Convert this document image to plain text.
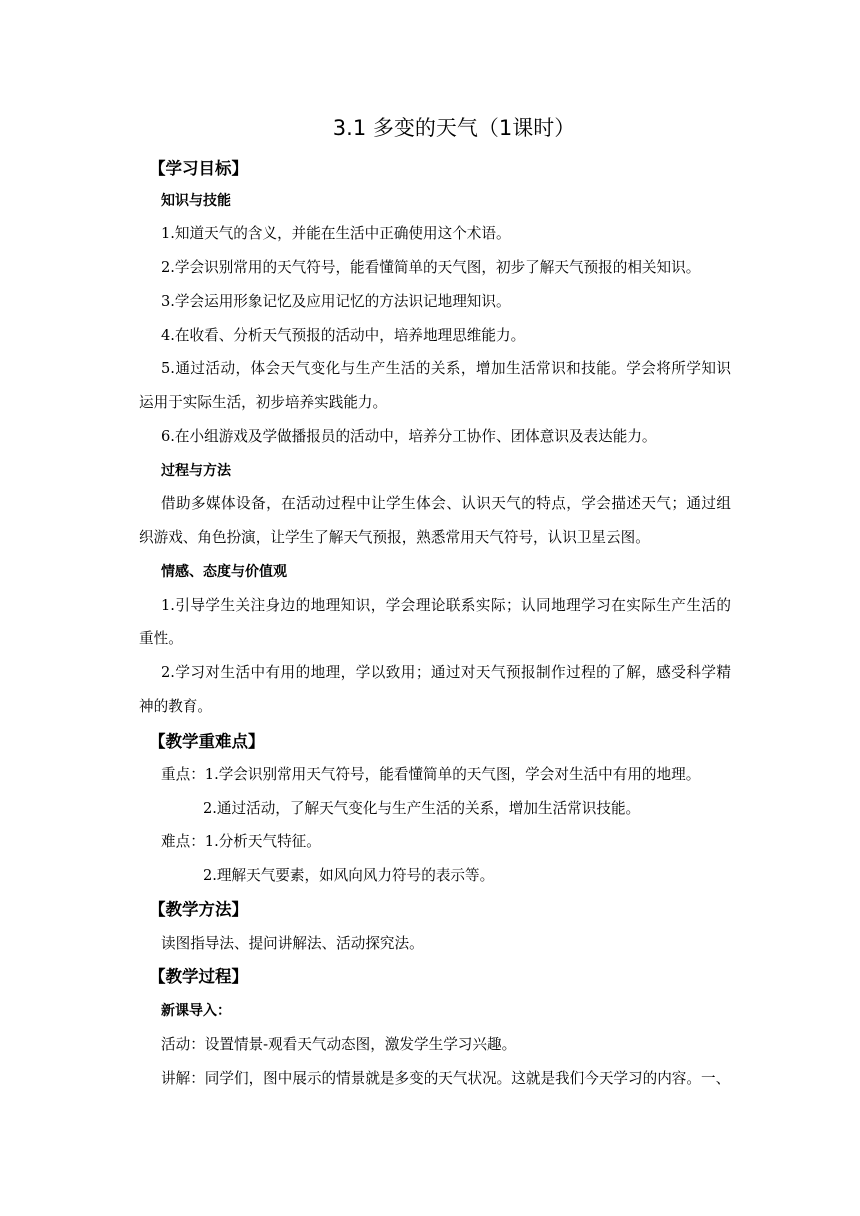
3.1 多变的天气（1课时）
【学习目标】
知识与技能
1.知道天气的含义，并能在生活中正确使用这个术语。
2.学会识别常用的天气符号，能看懂简单的天气图，初步了解天气预报的相关知识。
3.学会运用形象记忆及应用记忆的方法识记地理知识。
4.在收看、分析天气预报的活动中，培养地理思维能力。
5.通过活动，体会天气变化与生产生活的关系，增加生活常识和技能。学会将所学知识
运用于实际生活，初步培养实践能力。
6.在小组游戏及学做播报员的活动中，培养分工协作、团体意识及表达能力。
过程与方法
借助多媒体设备，在活动过程中让学生体会、认识天气的特点，学会描述天气；通过组
织游戏、角色扮演，让学生了解天气预报，熟悉常用天气符号，认识卫星云图。
情感、态度与价值观
1.引导学生关注身边的地理知识，学会理论联系实际；认同地理学习在实际生产生活的
重性。
2.学习对生活中有用的地理，学以致用；通过对天气预报制作过程的了解，感受科学精
神的教育。
【教学重难点】
重点：1.学会识别常用天气符号，能看懂简单的天气图，学会对生活中有用的地理。
2.通过活动，了解天气变化与生产生活的关系，增加生活常识技能。
难点：1.分析天气特征。
2.理解天气要素，如风向风力符号的表示等。
【教学方法】
读图指导法、提问讲解法、活动探究法。
【教学过程】
新课导入：
活动：设置情景-观看天气动态图，激发学生学习兴趣。
讲解：同学们，图中展示的情景就是多变的天气状况。这就是我们今天学习的内容。一、
